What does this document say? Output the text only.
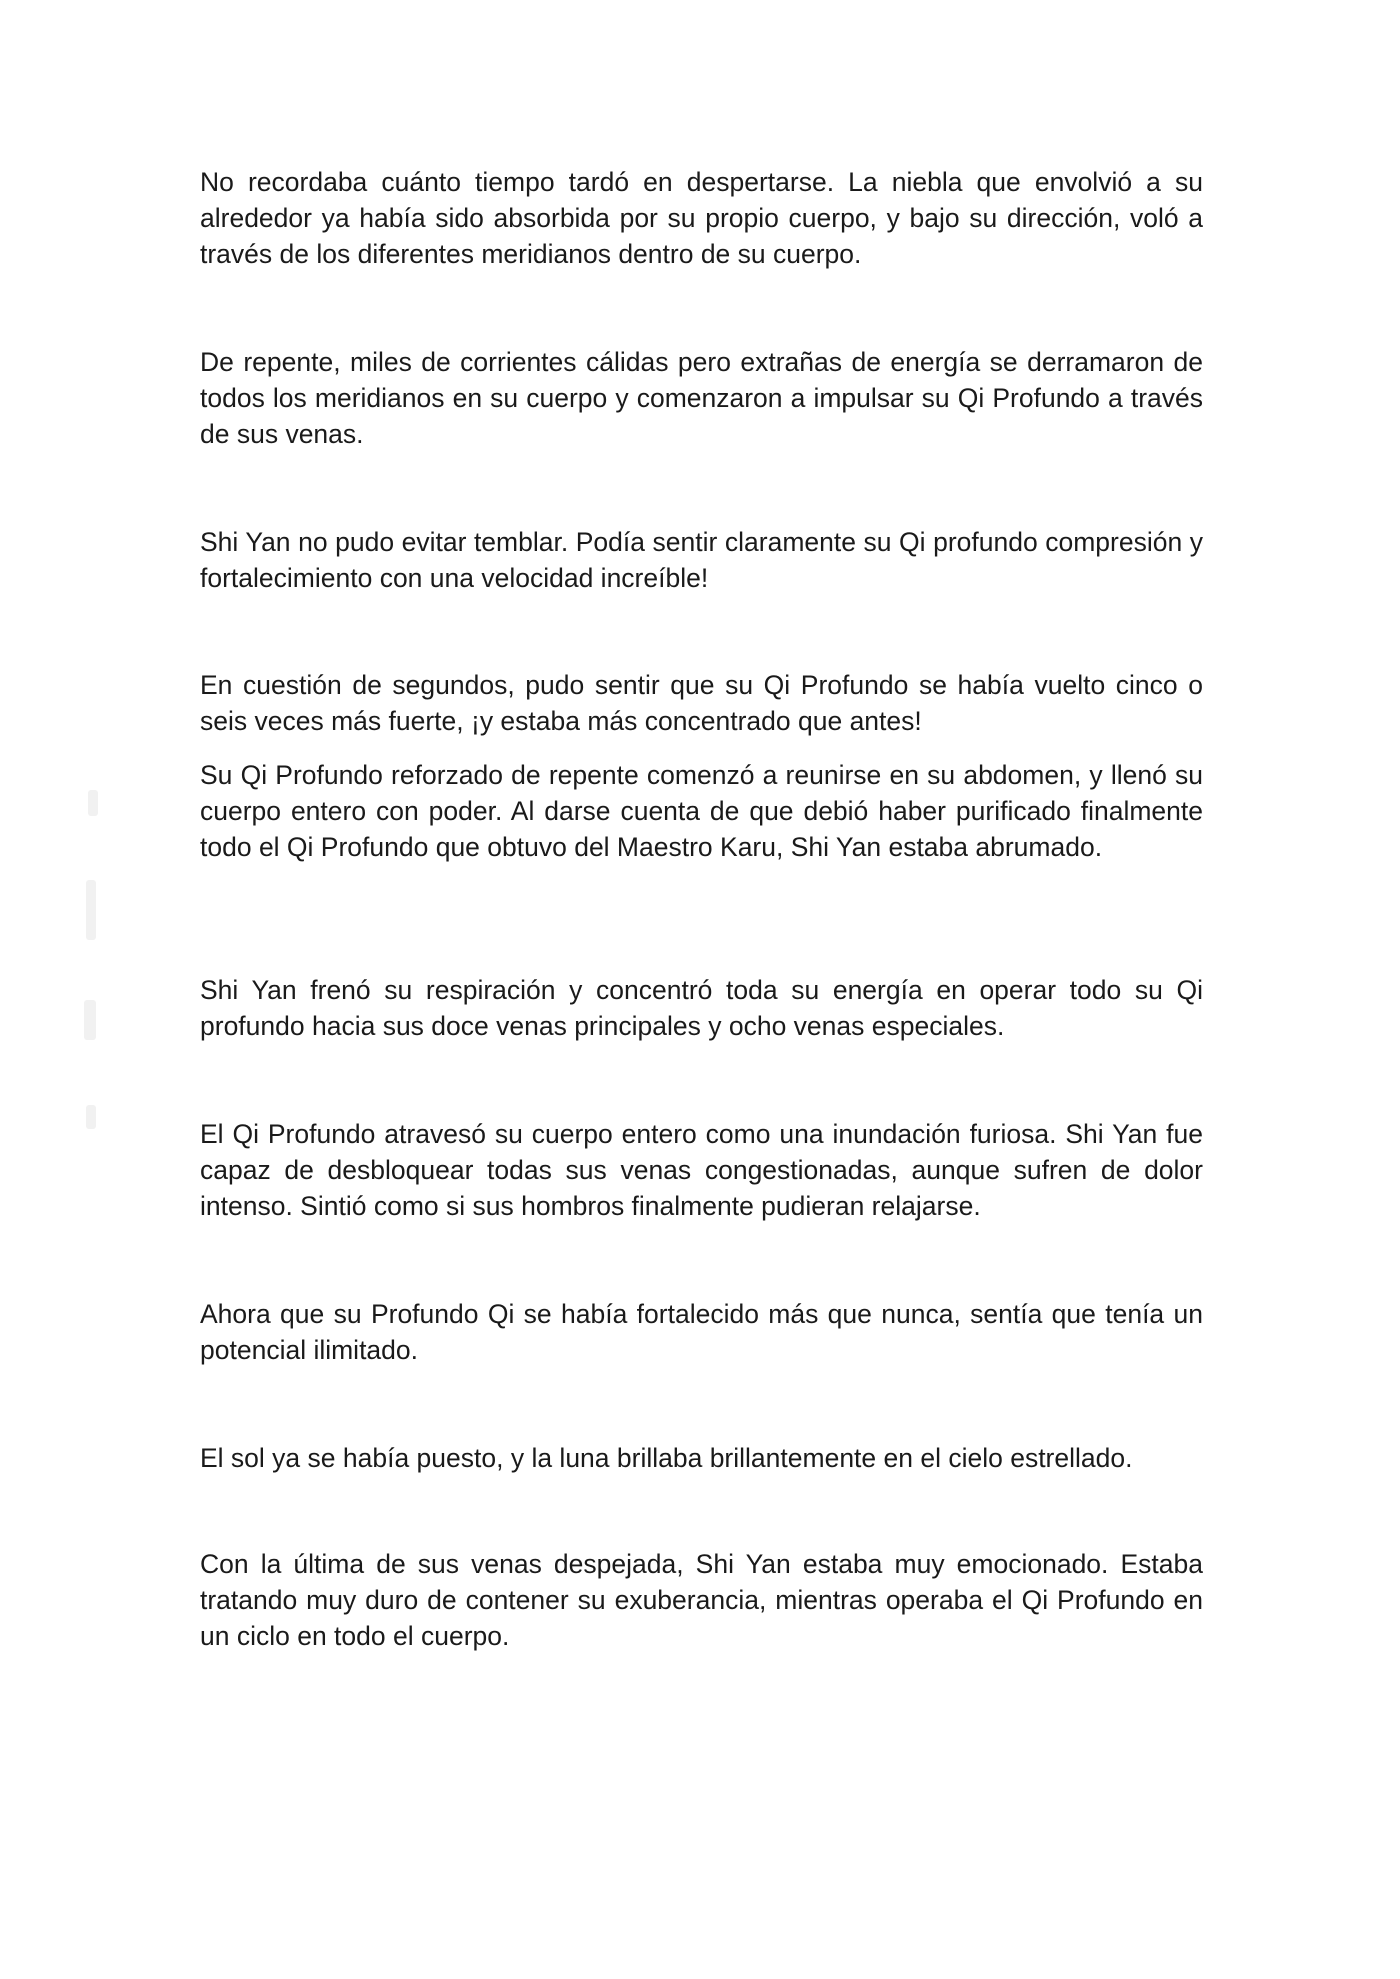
No recordaba cuánto tiempo tardó en despertarse. La niebla que envolvió a su alrededor ya había sido absorbida por su propio cuerpo, y bajo su dirección, voló a través de los diferentes meridianos dentro de su cuerpo.

De repente, miles de corrientes cálidas pero extrañas de energía se derramaron de todos los meridianos en su cuerpo y comenzaron a impulsar su Qi Profundo a través de sus venas.

Shi Yan no pudo evitar temblar. Podía sentir claramente su Qi profundo compresión y fortalecimiento con una velocidad increíble!

En cuestión de segundos, pudo sentir que su Qi Profundo se había vuelto cinco o seis veces más fuerte, ¡y estaba más concentrado que antes!

Su Qi Profundo reforzado de repente comenzó a reunirse en su abdomen, y llenó su cuerpo entero con poder. Al darse cuenta de que debió haber purificado finalmente todo el Qi Profundo que obtuvo del Maestro Karu, Shi Yan estaba abrumado.

Shi Yan frenó su respiración y concentró toda su energía en operar todo su Qi profundo hacia sus doce venas principales y ocho venas especiales.

El Qi Profundo atravesó su cuerpo entero como una inundación furiosa. Shi Yan fue capaz de desbloquear todas sus venas congestionadas, aunque sufren de dolor intenso. Sintió como si sus hombros finalmente pudieran relajarse.

Ahora que su Profundo Qi se había fortalecido más que nunca, sentía que tenía un potencial ilimitado.

El sol ya se había puesto, y la luna brillaba brillantemente en el cielo estrellado.

Con la última de sus venas despejada, Shi Yan estaba muy emocionado. Estaba tratando muy duro de contener su exuberancia, mientras operaba el Qi Profundo en un ciclo en todo el cuerpo.
